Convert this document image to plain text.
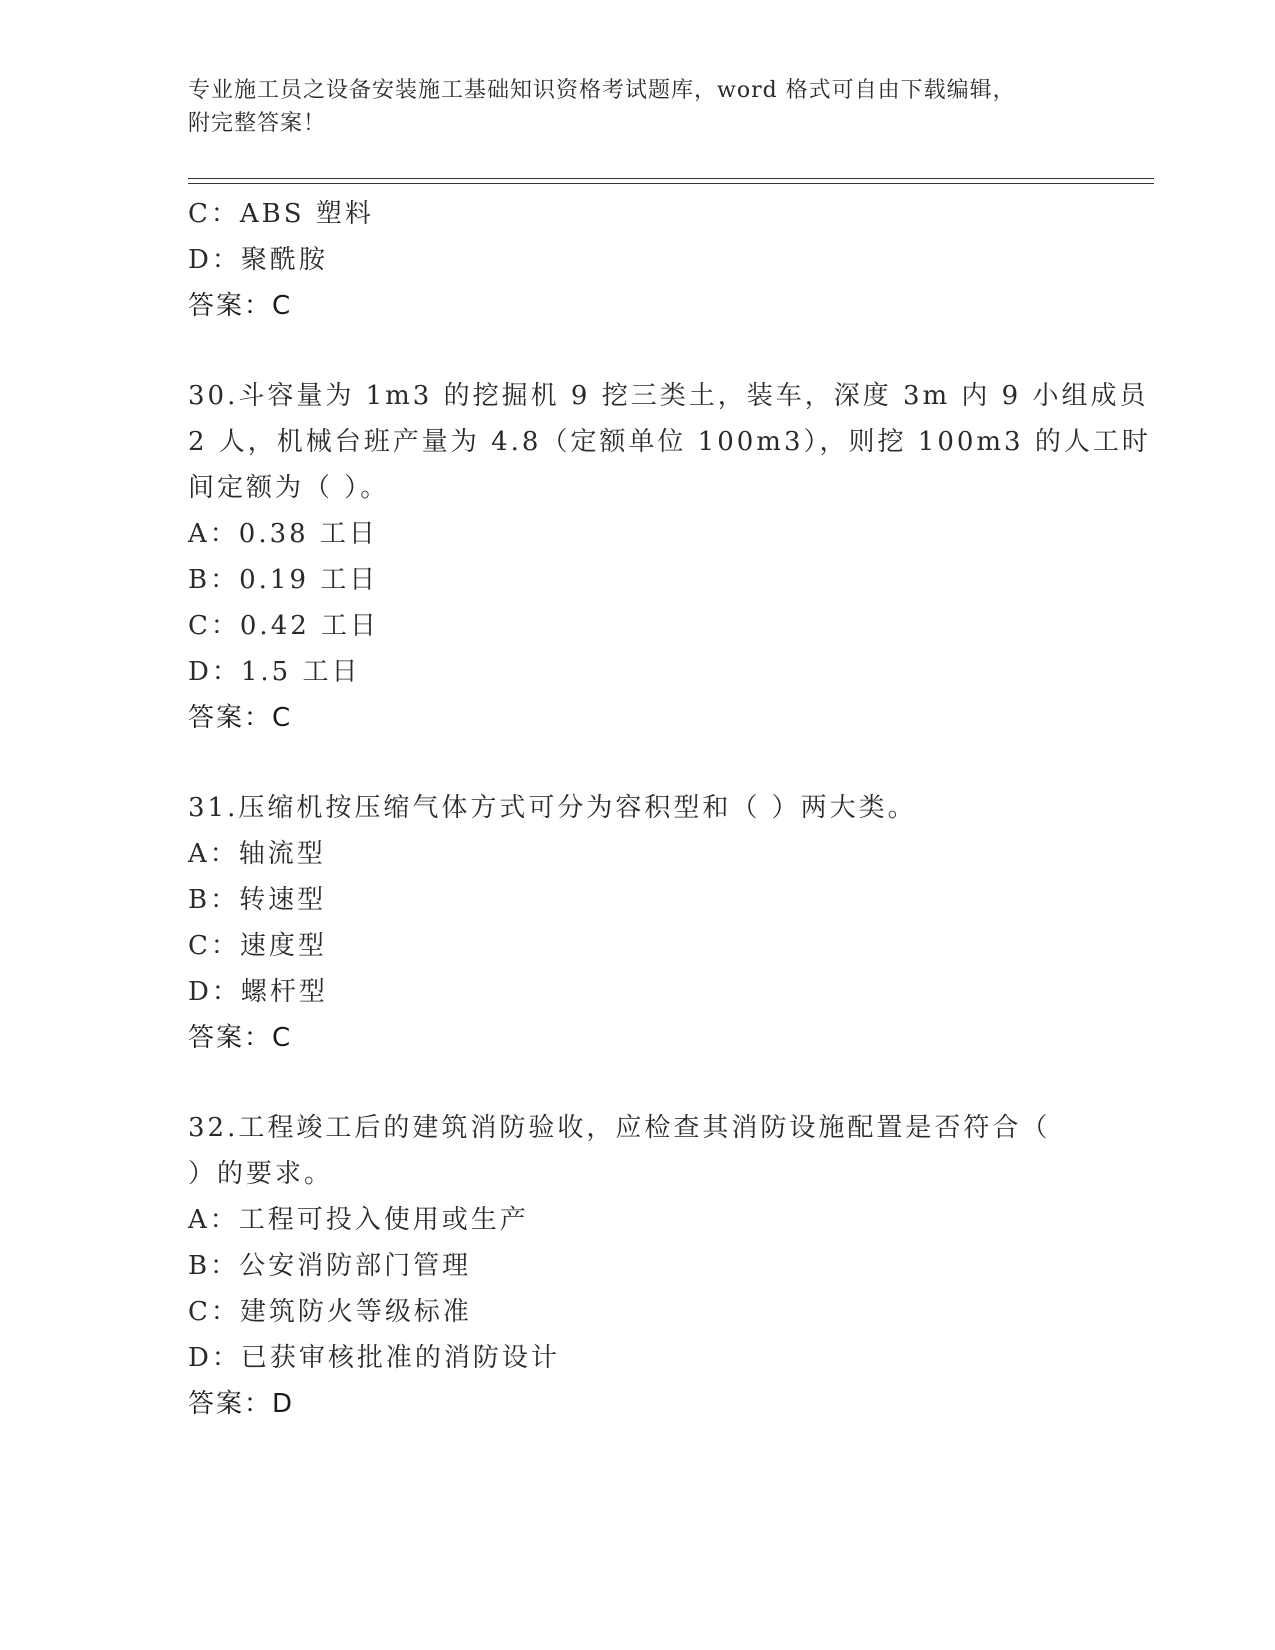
专业施工员之设备安装施工基础知识资格考试题库，word 格式可自由下载编辑，
附完整答案！
C：ABS 塑料
D：聚酰胺
答案：C
30.斗容量为 1m3 的挖掘机 9 挖三类土，装车，深度 3m 内 9 小组成员
2 人，机械台班产量为 4.8（定额单位 100m3），则挖 100m3 的人工时
间定额为（ ）。
A：0.38 工日
B：0.19 工日
C：0.42 工日
D：1.5 工日
答案：C
31.压缩机按压缩气体方式可分为容积型和（ ）两大类。
A：轴流型
B：转速型
C：速度型
D：螺杆型
答案：C
32.工程竣工后的建筑消防验收，应检查其消防设施配置是否符合（
）的要求。
A：工程可投入使用或生产
B：公安消防部门管理
C：建筑防火等级标准
D：已获审核批准的消防设计
答案：D
